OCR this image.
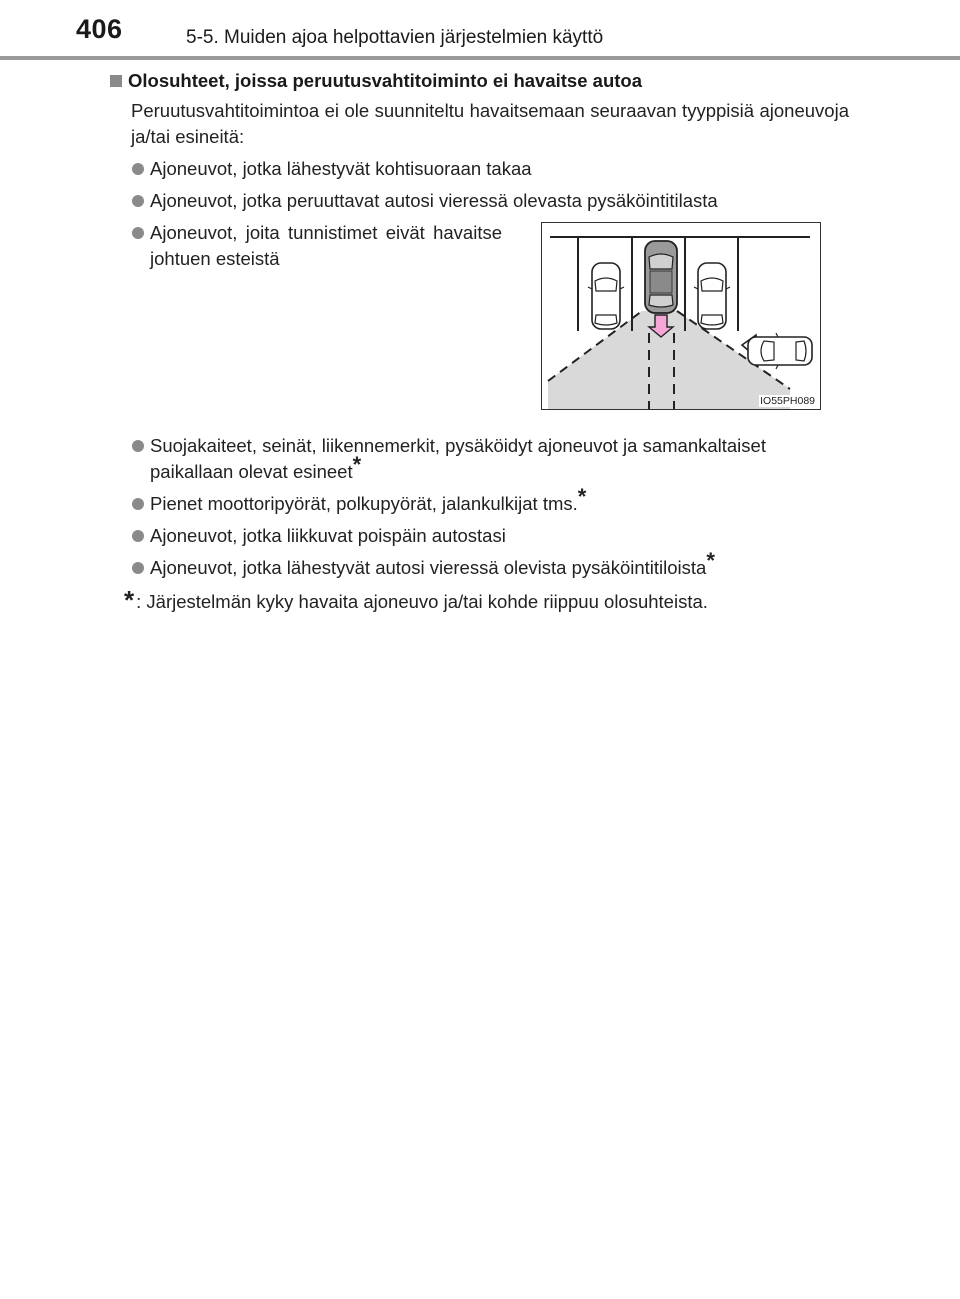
406	5-5. Muiden ajoa helpottavien järjestelmien käyttö
Olosuhteet, joissa peruutusvahtitoiminto ei havaitse autoa
Peruutusvahtitoimintoa ei ole suunniteltu havaitsemaan seuraavan tyyppisiä ajoneuvoja ja/tai esineitä:
Ajoneuvot, jotka lähestyvät kohtisuoraan takaa
Ajoneuvot, jotka peruuttavat autosi vieressä olevasta pysäköintitilasta
Ajoneuvot, joita tunnistimet eivät havaitse johtuen esteistä
IO55PH089
Suojakaiteet, seinät, liikennemerkit, pysäköidyt ajoneuvot ja samankaltaiset paikallaan olevat esineet*
Pienet moottoripyörät, polkupyörät, jalankulkijat tms.*
Ajoneuvot, jotka liikkuvat poispäin autostasi
Ajoneuvot, jotka lähestyvät autosi vieressä olevista pysäköintitiloista*
* : Järjestelmän kyky havaita ajoneuvo ja/tai kohde riippuu olosuhteista.
